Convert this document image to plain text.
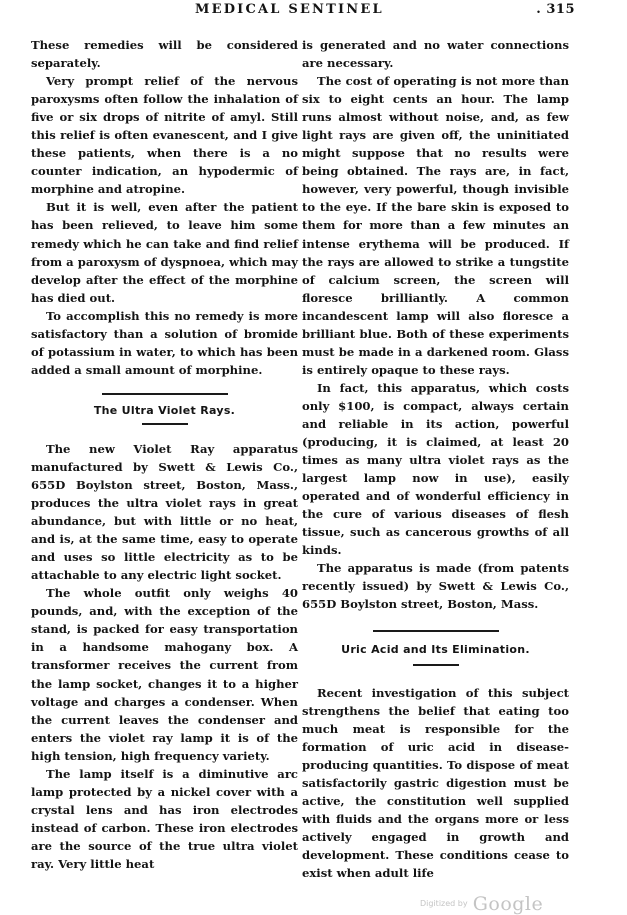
MEDICAL SENTINEL	. 315

These remedies will be considered separately.

Very prompt relief of the nervous paroxysms often follow the inhalation of five or six drops of nitrite of amyl. Still this relief is often evanescent, and I give these patients, when there is a no counter indication, an hypodermic of morphine and atropine.

But it is well, even after the patient has been relieved, to leave him some remedy which he can take and find relief from a paroxysm of dyspnoea, which may develop after the effect of the morphine has died out.

To accomplish this no remedy is more satisfactory than a solution of bromide of potassium in water, to which has been added a small amount of morphine.

The Ultra Violet Rays.

The new Violet Ray apparatus manufactured by Swett & Lewis Co., 655D Boylston street, Boston, Mass., produces the ultra violet rays in great abundance, but with little or no heat, and is, at the same time, easy to operate and uses so little electricity as to be attachable to any electric light socket.

The whole outfit only weighs 40 pounds, and, with the exception of the stand, is packed for easy transportation in a handsome mahogany box. A transformer receives the current from the lamp socket, changes it to a higher voltage and charges a condenser. When the current leaves the condenser and enters the violet ray lamp it is of the high tension, high frequency variety.

The lamp itself is a diminutive arc lamp protected by a nickel cover with a crystal lens and has iron electrodes instead of carbon. These iron electrodes are the source of the true ultra violet ray. Very little heat

is generated and no water connections are necessary.

The cost of operating is not more than six to eight cents an hour. The lamp runs almost without noise, and, as few light rays are given off, the uninitiated might suppose that no results were being obtained. The rays are, in fact, however, very powerful, though invisible to the eye. If the bare skin is exposed to them for more than a few minutes an intense erythema will be produced. If the rays are allowed to strike a tungstite of calcium screen, the screen will floresce brilliantly. A common incandescent lamp will also floresce a brilliant blue. Both of these experiments must be made in a darkened room. Glass is entirely opaque to these rays.

In fact, this apparatus, which costs only $100, is compact, always certain and reliable in its action, powerful (producing, it is claimed, at least 20 times as many ultra violet rays as the largest lamp now in use), easily operated and of wonderful efficiency in the cure of various diseases of flesh tissue, such as cancerous growths of all kinds.

The apparatus is made (from patents recently issued) by Swett & Lewis Co., 655D Boylston street, Boston, Mass.

Uric Acid and Its Elimination.

Recent investigation of this subject strengthens the belief that eating too much meat is responsible for the formation of uric acid in disease-producing quantities. To dispose of meat satisfactorily gastric digestion must be active, the constitution well supplied with fluids and the organs more or less actively engaged in growth and development. These conditions cease to exist when adult life

$^{Digitized by}$ Google
